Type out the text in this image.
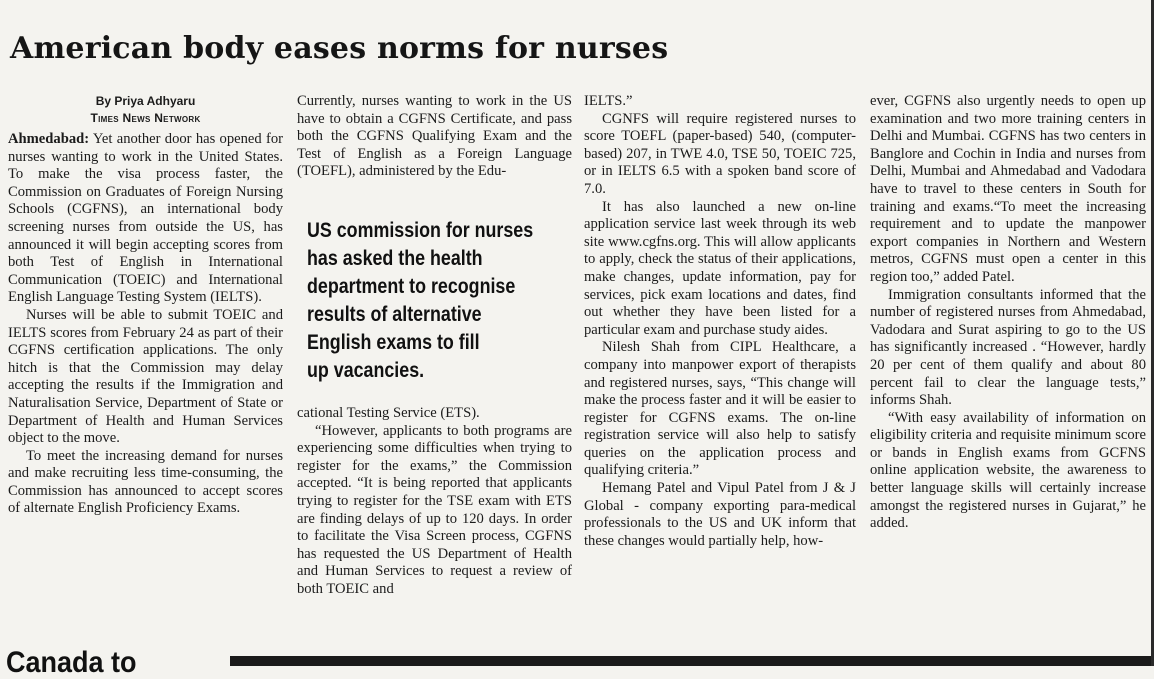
American body eases norms for nurses
By Priya Adhyaru
Times News Network

Ahmedabad: Yet another door has opened for nurses wanting to work in the United States. To make the visa process faster, the Commission on Graduates of Foreign Nursing Schools (CGFNS), an international body screening nurses from outside the US, has announced it will begin accepting scores from both Test of English in International Communication (TOEIC) and International English Language Testing System (IELTS).

Nurses will be able to submit TOEIC and IELTS scores from February 24 as part of their CGFNS certification applications. The only hitch is that the Commission may delay accepting the results if the Immigration and Naturalisation Service, Department of State or Department of Health and Human Services object to the move.

To meet the increasing demand for nurses and make recruiting less time-consuming, the Commission has announced to accept scores of alternate English Proficiency Exams.

Currently, nurses wanting to work in the US have to obtain a CGFNS Certificate, and pass both the CGFNS Qualifying Exam and the Test of English as a Foreign Language (TOEFL), administered by the Edu-

US commission for nurses
has asked the health
department to recognise
results of alternative
English exams to fill
up vacancies.

cational Testing Service (ETS).

“However, applicants to both programs are experiencing some difficulties when trying to register for the exams,” the Commission accepted. “It is being reported that applicants trying to register for the TSE exam with ETS are finding delays of up to 120 days. In order to facilitate the Visa Screen process, CGFNS has requested the US Department of Health and Human Services to request a review of both TOEIC and

IELTS.”

CGNFS will require registered nurses to score TOEFL (paper-based) 540, (computer-based) 207, in TWE 4.0, TSE 50, TOEIC 725, or in IELTS 6.5 with a spoken band score of 7.0.

It has also launched a new on-line application service last week through its web site www.cgfns.org. This will allow applicants to apply, check the status of their applications, make changes, update information, pay for services, pick exam locations and dates, find out whether they have been listed for a particular exam and purchase study aides.

Nilesh Shah from CIPL Healthcare, a company into manpower export of therapists and registered nurses, says, “This change will make the process faster and it will be easier to register for CGFNS exams. The on-line registration service will also help to satisfy queries on the application process and qualifying criteria.”

Hemang Patel and Vipul Patel from J & J Global - company exporting para-medical professionals to the US and UK inform that these changes would partially help, how-

ever, CGFNS also urgently needs to open up examination and two more training centers in Delhi and Mumbai. CGFNS has two centers in Banglore and Cochin in India and nurses from Delhi, Mumbai and Ahmedabad and Vadodara have to travel to these centers in South for training and exams.“To meet the increasing requirement and to update the manpower export companies in Northern and Western metros, CGFNS must open a center in this region too,” added Patel.

Immigration consultants informed that the number of registered nurses from Ahmedabad, Vadodara and Surat aspiring to go to the US has significantly increased . “However, hardly 20 per cent of them qualify and about 80 percent fail to clear the language tests,” informs Shah.

“With easy availability of information on eligibility criteria and requisite minimum score or bands in English exams from GCFNS online application website, the awareness to better language skills will certainly increase amongst the registered nurses in Gujarat,” he added.

Canada to
